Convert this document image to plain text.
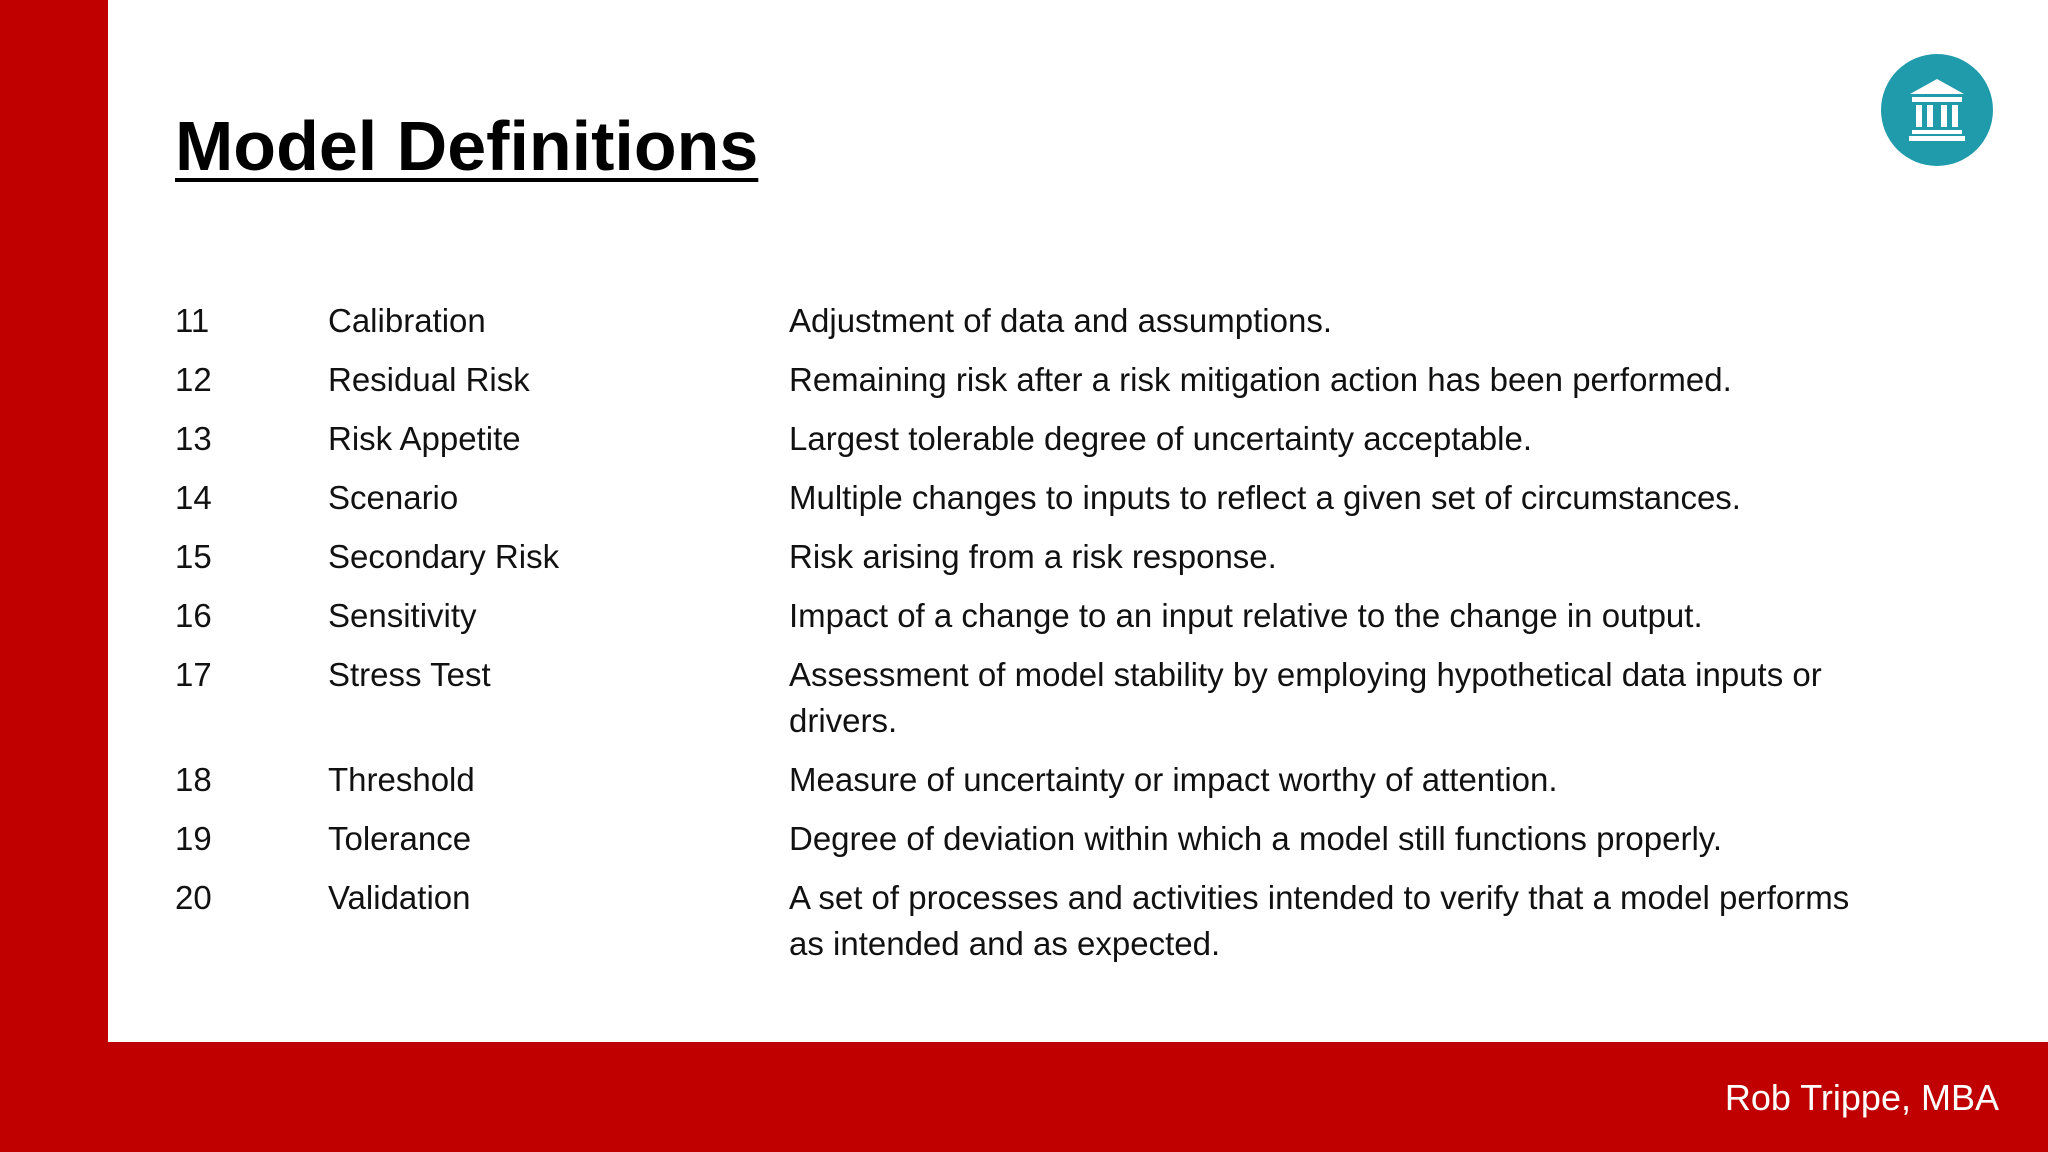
Model Definitions
11	Calibration	Adjustment of data and assumptions.
12	Residual Risk	Remaining risk after a risk mitigation action has been performed.
13	Risk Appetite	Largest tolerable degree of uncertainty acceptable.
14	Scenario	Multiple changes to inputs to reflect a given set of circumstances.
15	Secondary Risk	Risk arising from a risk response.
16	Sensitivity	Impact of a change to an input relative to the change in output.
17	Stress Test	Assessment of model stability by employing hypothetical data inputs or drivers.
18	Threshold	Measure of uncertainty or impact worthy of attention.
19	Tolerance	Degree of deviation within which a model still functions properly.
20	Validation	A set of processes and activities intended to verify that a model performs as intended and as expected.
Rob Trippe, MBA
